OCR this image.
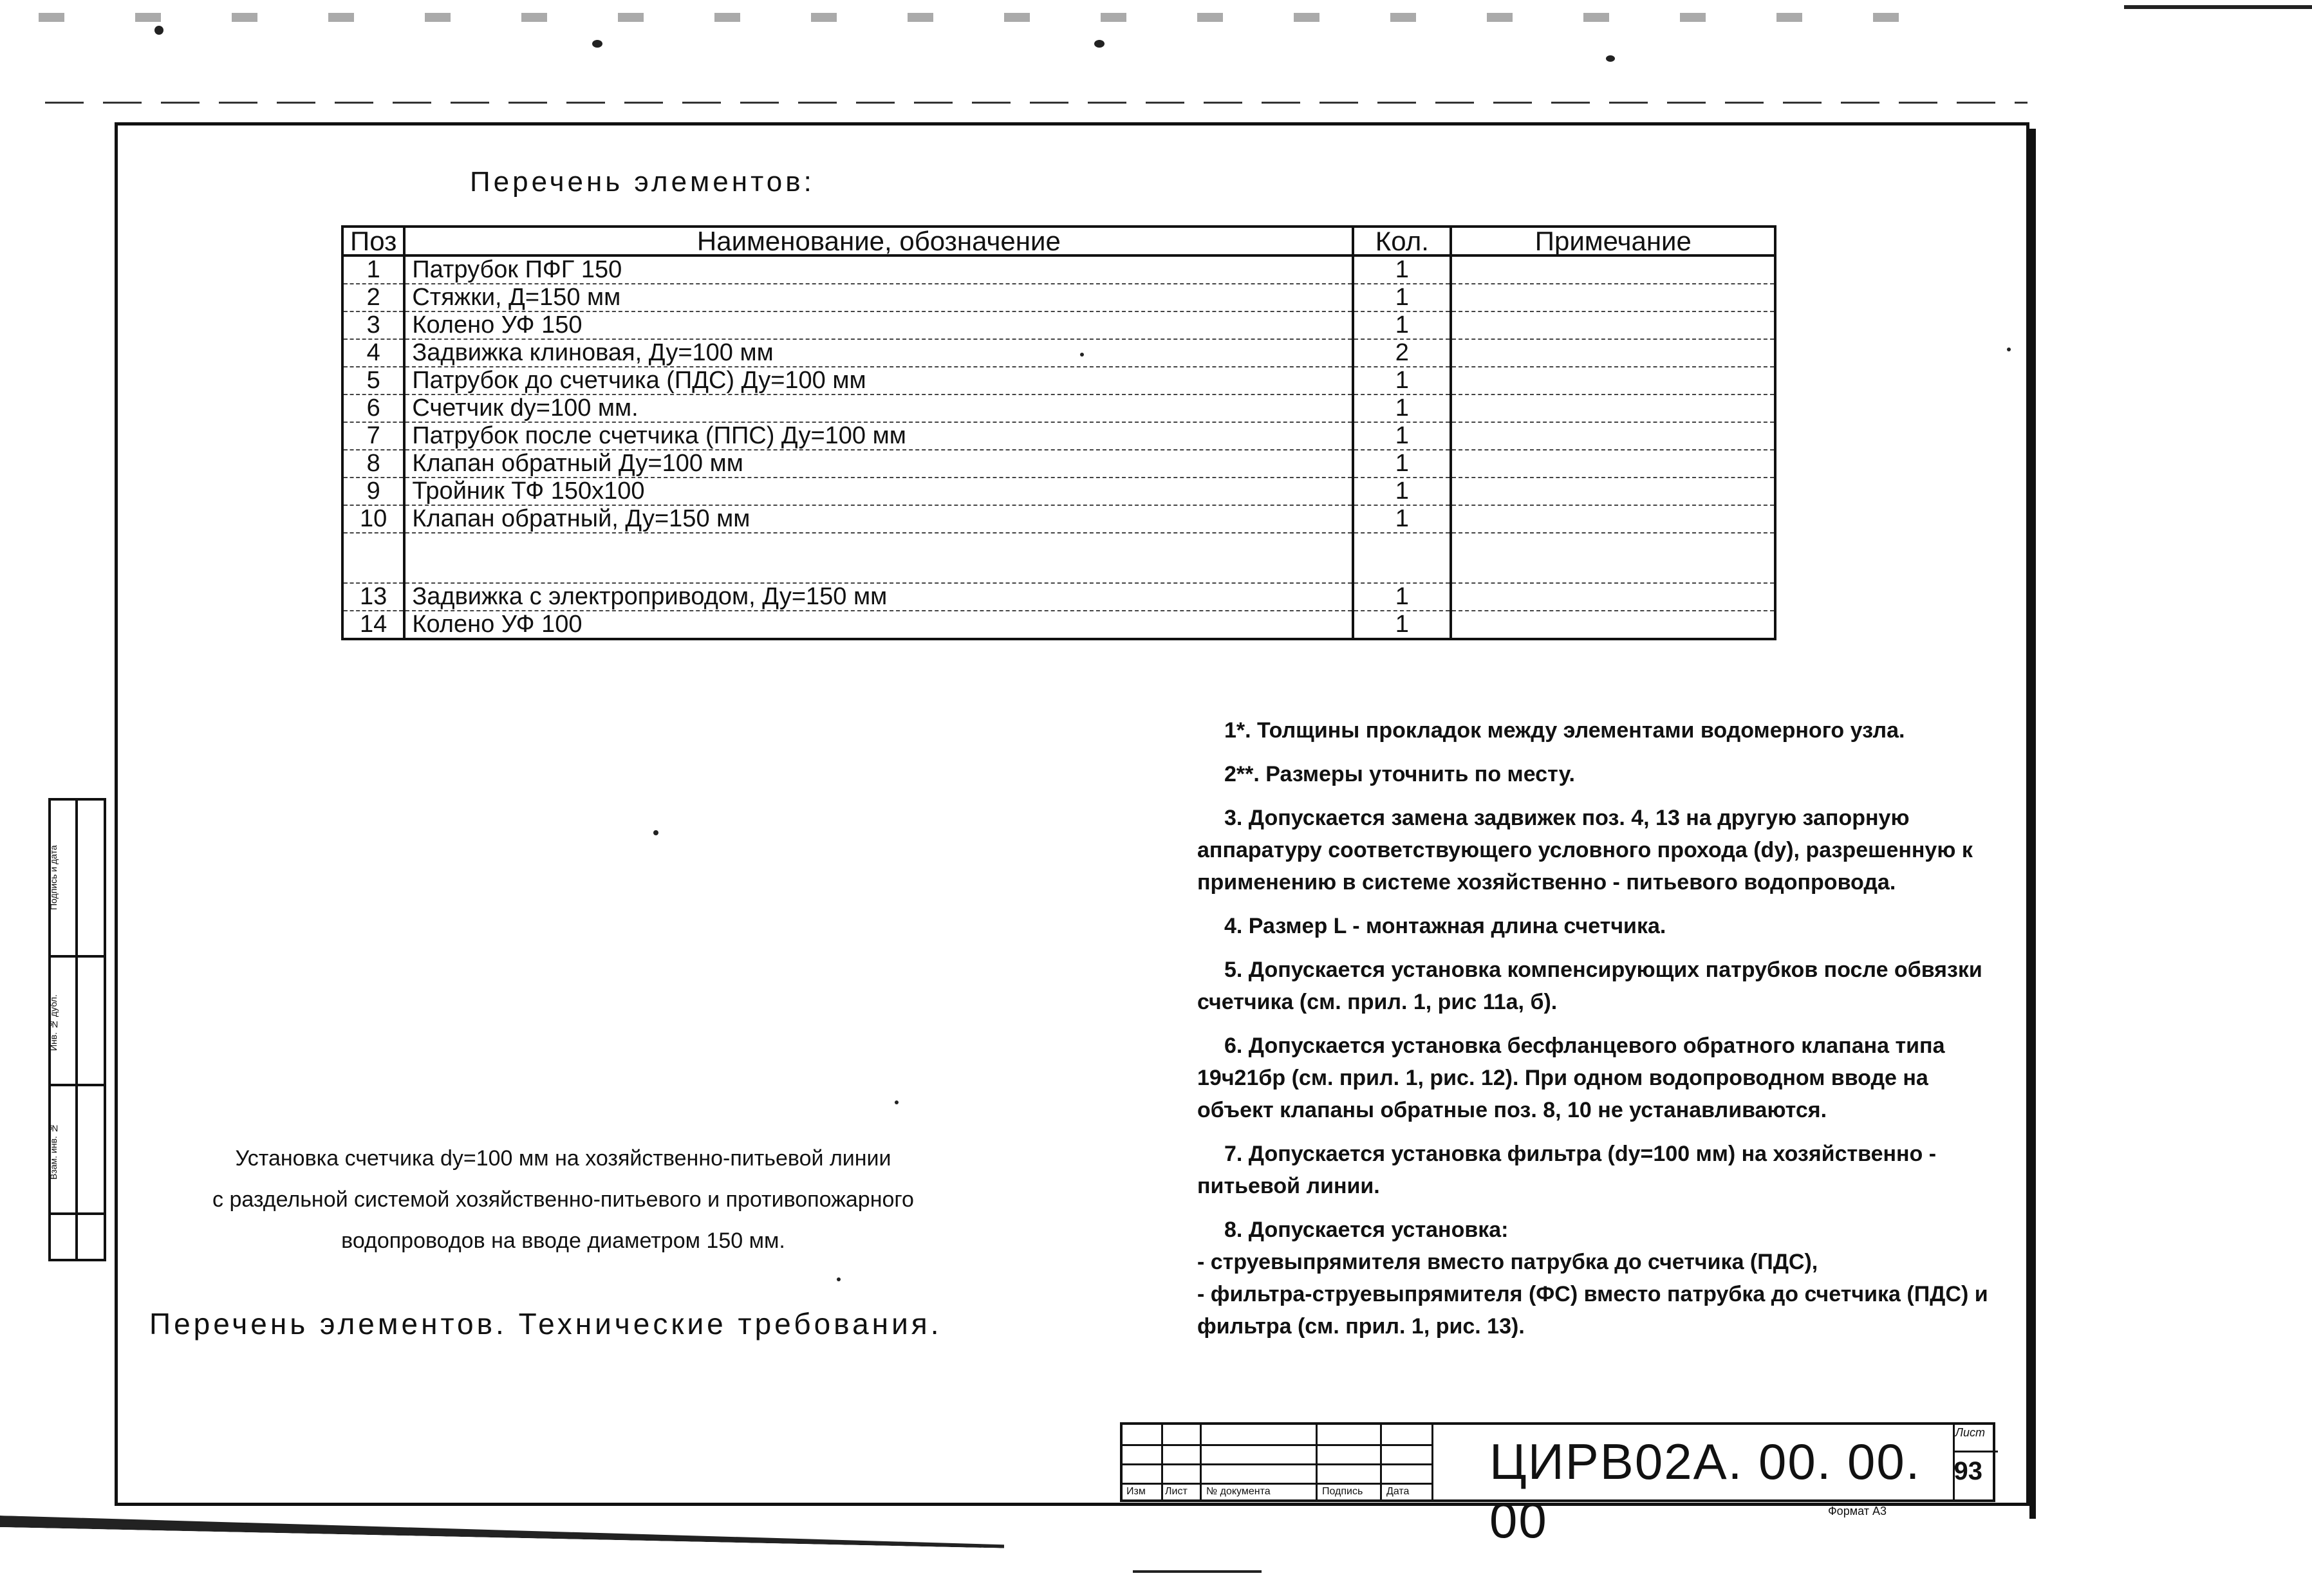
Перечень элементов:
Поз	Наименование, обозначение	Кол.	Примечание
1	Патрубок ПФГ 150	1	
2	Стяжки, Д=150 мм	1	
3	Колено УФ 150	1	
4	Задвижка клиновая, Ду=100 мм	2	
5	Патрубок до счетчика (ПДС) Ду=100 мм	1	
6	Счетчик dy=100 мм.	1	
7	Патрубок после счетчика (ППС) Ду=100 мм	1	
8	Клапан обратный Ду=100 мм	1	
9	Тройник ТФ 150х100	1	
10	Клапан обратный, Ду=150 мм	1	

13	Задвижка с электроприводом, Ду=150 мм	1	
14	Колено УФ 100	1	

1*. Толщины прокладок между элементами водомерного узла.

2**. Размеры уточнить по месту.

3. Допускается замена задвижек поз. 4, 13 на другую запорную аппаратуру соответствующего условного прохода (dy), разрешенную к применению в системе хозяйственно - питьевого водопровода.

4. Размер L - монтажная длина счетчика.

5. Допускается установка компенсирующих патрубков после обвязки счетчика (см. прил. 1, рис 11а, б).

6. Допускается установка бесфланцевого обратного клапана типа 19ч21бр (см. прил. 1, рис. 12). При одном водопроводном вводе на объект клапаны обратные поз. 8, 10 не устанавливаются.

7. Допускается установка фильтра (dy=100 мм) на хозяйственно - питьевой линии.

8. Допускается установка:

- струевыпрямителя вместо патрубка до счетчика (ПДС),

- фильтра-струевыпрямителя (ФС) вместо патрубка до счетчика (ПДС) и фильтра (см. прил. 1, рис. 13).

Установка счетчика dy=100 мм на хозяйственно-питьевой линии
с раздельной системой хозяйственно-питьевого и противопожарного
водопроводов на вводе диаметром 150 мм.
Перечень элементов. Технические требования.
ЦИРВ02А. 00. 00. 00
Лист
93
Изм Лист № документа	Подпись Дата
Формат А3
Подпись и дата
Инв. № дубл.
Взам. инв. №
